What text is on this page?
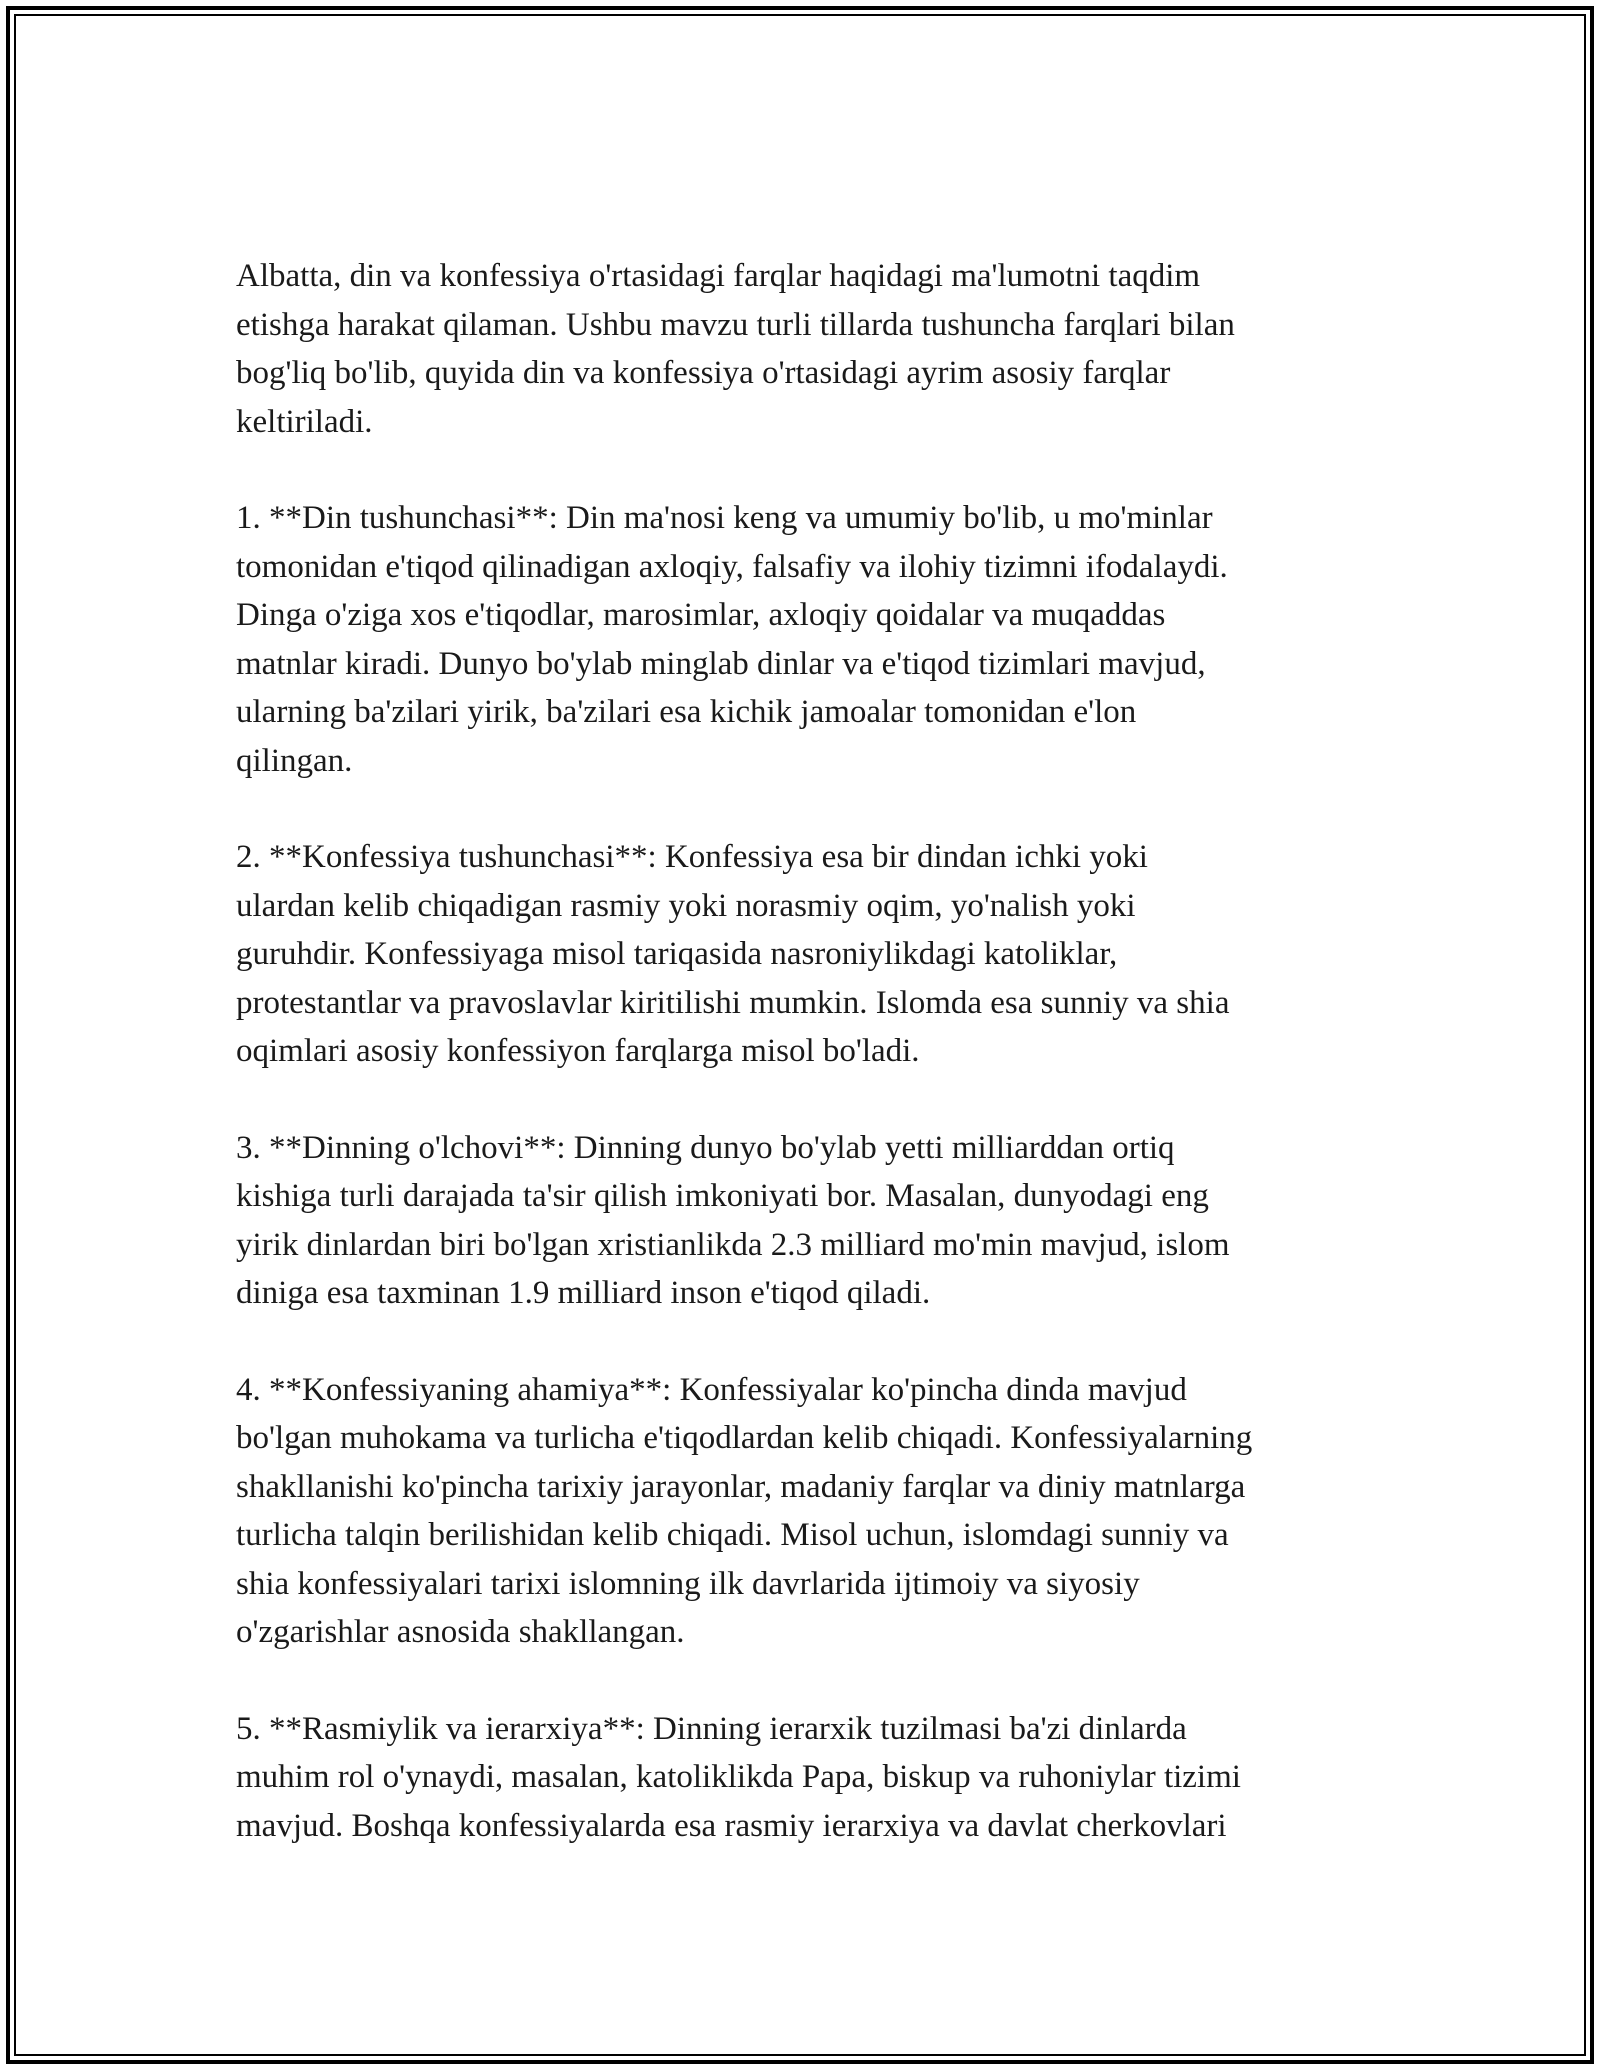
Albatta, din va konfessiya o'rtasidagi farqlar haqidagi ma'lumotni taqdim
etishga harakat qilaman. Ushbu mavzu turli tillarda tushuncha farqlari bilan
bog'liq bo'lib, quyida din va konfessiya o'rtasidagi ayrim asosiy farqlar
keltiriladi.

1. **Din tushunchasi**: Din ma'nosi keng va umumiy bo'lib, u mo'minlar
tomonidan e'tiqod qilinadigan axloqiy, falsafiy va ilohiy tizimni ifodalaydi.
Dinga o'ziga xos e'tiqodlar, marosimlar, axloqiy qoidalar va muqaddas
matnlar kiradi. Dunyo bo'ylab minglab dinlar va e'tiqod tizimlari mavjud,
ularning ba'zilari yirik, ba'zilari esa kichik jamoalar tomonidan e'lon
qilingan.

2. **Konfessiya tushunchasi**: Konfessiya esa bir dindan ichki yoki
ulardan kelib chiqadigan rasmiy yoki norasmiy oqim, yo'nalish yoki
guruhdir. Konfessiyaga misol tariqasida nasroniylikdagi katoliklar,
protestantlar va pravoslavlar kiritilishi mumkin. Islomda esa sunniy va shia
oqimlari asosiy konfessiyon farqlarga misol bo'ladi.

3. **Dinning o'lchovi**: Dinning dunyo bo'ylab yetti milliarddan ortiq
kishiga turli darajada ta'sir qilish imkoniyati bor. Masalan, dunyodagi eng
yirik dinlardan biri bo'lgan xristianlikda 2.3 milliard mo'min mavjud, islom
diniga esa taxminan 1.9 milliard inson e'tiqod qiladi.

4. **Konfessiyaning ahamiya**: Konfessiyalar ko'pincha dinda mavjud
bo'lgan muhokama va turlicha e'tiqodlardan kelib chiqadi. Konfessiyalarning
shakllanishi ko'pincha tarixiy jarayonlar, madaniy farqlar va diniy matnlarga
turlicha talqin berilishidan kelib chiqadi. Misol uchun, islomdagi sunniy va
shia konfessiyalari tarixi islomning ilk davrlarida ijtimoiy va siyosiy
o'zgarishlar asnosida shakllangan.

5. **Rasmiylik va ierarxiya**: Dinning ierarxik tuzilmasi ba'zi dinlarda
muhim rol o'ynaydi, masalan, katoliklikda Papa, biskup va ruhoniylar tizimi
mavjud. Boshqa konfessiyalarda esa rasmiy ierarxiya va davlat cherkovlari
